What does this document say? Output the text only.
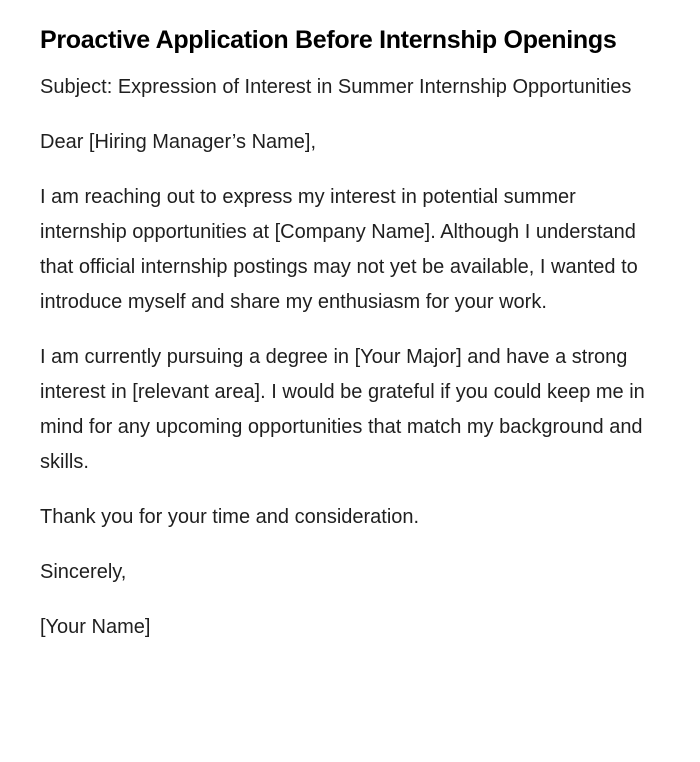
Proactive Application Before Internship Openings

Subject: Expression of Interest in Summer Internship Opportunities

Dear [Hiring Manager’s Name],

I am reaching out to express my interest in potential summer internship opportunities at [Company Name]. Although I understand that official internship postings may not yet be available, I wanted to introduce myself and share my enthusiasm for your work.

I am currently pursuing a degree in [Your Major] and have a strong interest in [relevant area]. I would be grateful if you could keep me in mind for any upcoming opportunities that match my background and skills.

Thank you for your time and consideration.

Sincerely,

[Your Name]
